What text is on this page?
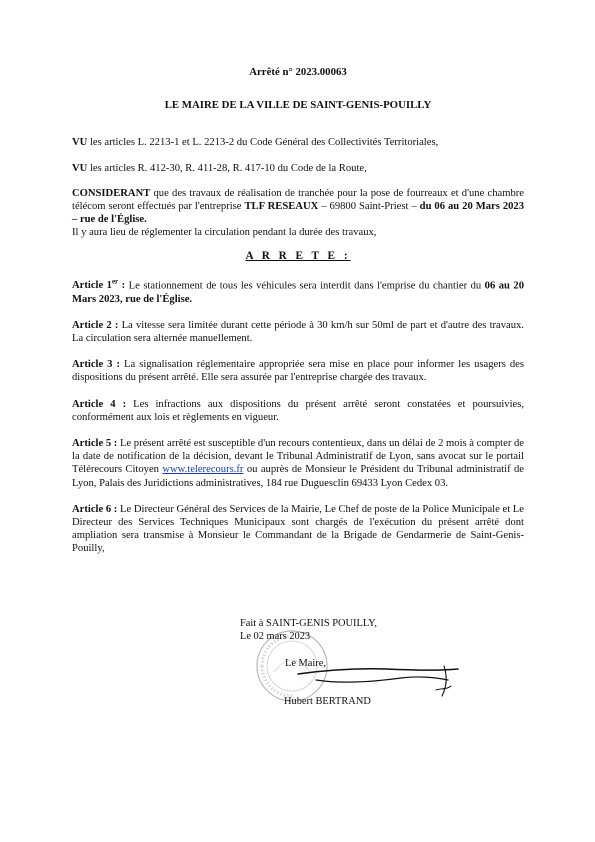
Arrêté n° 2023.00063
LE MAIRE DE LA VILLE DE SAINT-GENIS-POUILLY

VU les articles L. 2213-1 et L. 2213-2 du Code Général des Collectivités Territoriales,

VU les articles R. 412-30, R. 411-28, R. 417-10 du Code de la Route,

CONSIDERANT que des travaux de réalisation de tranchée pour la pose de fourreaux et d'une chambre télécom seront effectués par l'entreprise TLF RESEAUX – 69800 Saint-Priest – du 06 au 20 Mars 2023 – rue de l'Église.
Il y aura lieu de réglementer la circulation pendant la durée des travaux,

A R R E T E :

Article 1er : Le stationnement de tous les véhicules sera interdit dans l'emprise du chantier du 06 au 20 Mars 2023, rue de l'Église.

Article 2 : La vitesse sera limitée durant cette période à 30 km/h sur 50ml de part et d'autre des travaux. La circulation sera alternée manuellement.

Article 3 : La signalisation réglementaire appropriée sera mise en place pour informer les usagers des dispositions du présent arrêté. Elle sera assurée par l'entreprise chargée des travaux.

Article 4 : Les infractions aux dispositions du présent arrêté seront constatées et poursuivies, conformément aux lois et règlements en vigueur.

Article 5 : Le présent arrêté est susceptible d'un recours contentieux, dans un délai de 2 mois à compter de la date de notification de la décision, devant le Tribunal Administratif de Lyon, sans avocat sur le portail Télérecours Citoyen www.telerecours.fr ou auprès de Monsieur le Président du Tribunal administratif de Lyon, Palais des Juridictions administratives, 184 rue Duguesclin 69433 Lyon Cedex 03.

Article 6 : Le Directeur Général des Services de la Mairie, Le Chef de poste de la Police Municipale et Le Directeur des Services Techniques Municipaux sont chargés de l'exécution du présent arrêté dont ampliation sera transmise à Monsieur le Commandant de la Brigade de Gendarmerie de Saint-Genis-Pouilly,

Fait à SAINT-GENIS POUILLY,
Le 02 mars 2023
Le Maire,
Hubert BERTRAND
